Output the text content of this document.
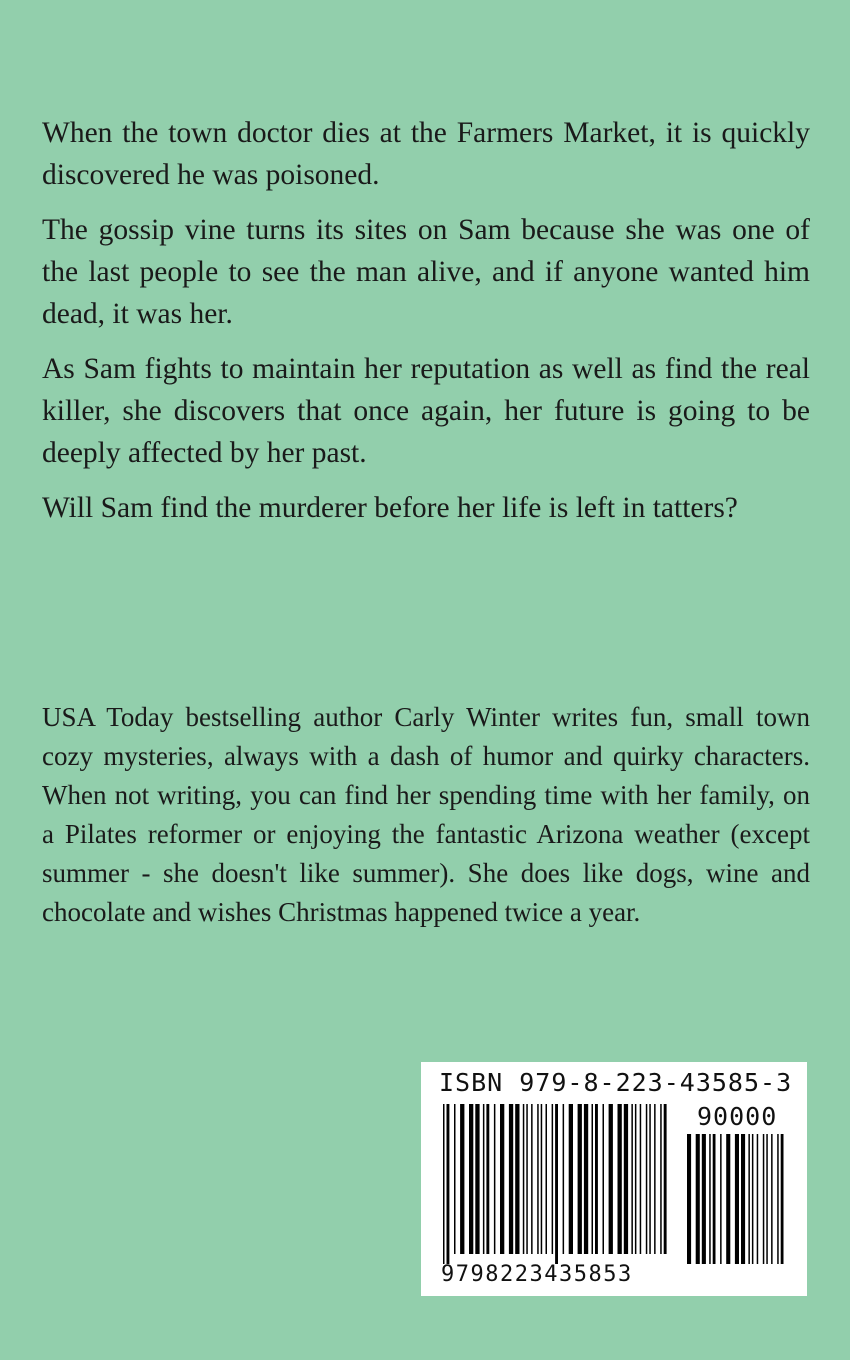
When the town doctor dies at the Farmers Market, it is quickly discovered he was poisoned.

The gossip vine turns its sites on Sam because she was one of the last people to see the man alive, and if anyone wanted him dead, it was her.

As Sam fights to maintain her reputation as well as find the real killer, she discovers that once again, her future is going to be deeply affected by her past.

Will Sam find the murderer before her life is left in tatters?

USA Today bestselling author Carly Winter writes fun, small town cozy mysteries, always with a dash of humor and quirky characters. When not writing, you can find her spending time with her family, on a Pilates reformer or enjoying the fantastic Arizona weather (except summer - she doesn't like summer). She does like dogs, wine and chocolate and wishes Christmas happened twice a year.

ISBN 979-8-223-43585-3
90000
9798223435853
